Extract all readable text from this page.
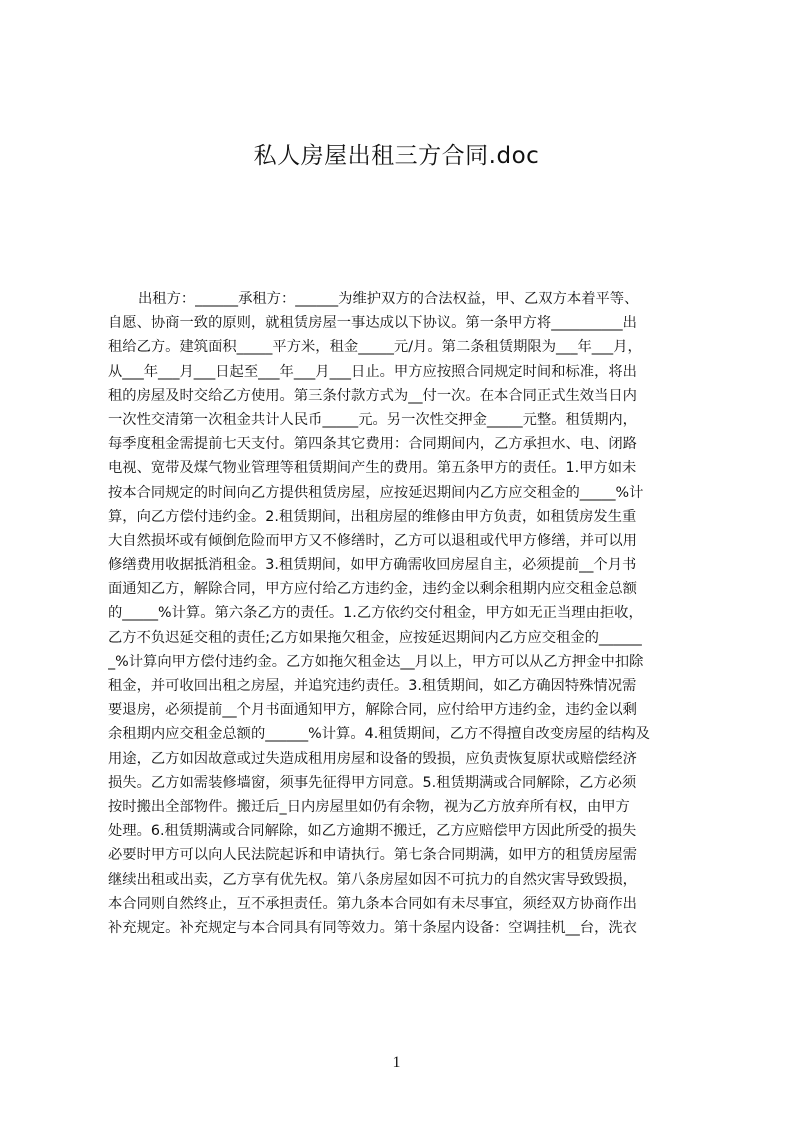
私人房屋出租三方合同.doc
出租方：______承租方：______为维护双方的合法权益，甲、乙双方本着平等、
自愿、协商一致的原则，就租赁房屋一事达成以下协议。第一条甲方将__________出
租给乙方。建筑面积_____平方米，租金_____元/月。第二条租赁期限为___年___月，
从___年___月___日起至___年___月___日止。甲方应按照合同规定时间和标准，将出
租的房屋及时交给乙方使用。第三条付款方式为__付一次。在本合同正式生效当日内
一次性交清第一次租金共计人民币_____元。另一次性交押金_____元整。租赁期内，
每季度租金需提前七天支付。第四条其它费用：合同期间内，乙方承担水、电、闭路
电视、宽带及煤气物业管理等租赁期间产生的费用。第五条甲方的责任。1.甲方如未
按本合同规定的时间向乙方提供租赁房屋，应按延迟期间内乙方应交租金的_____%计
算，向乙方偿付违约金。2.租赁期间，出租房屋的维修由甲方负责，如租赁房发生重
大自然损坏或有倾倒危险而甲方又不修缮时，乙方可以退租或代甲方修缮，并可以用
修缮费用收据抵消租金。3.租赁期间，如甲方确需收回房屋自主，必须提前__个月书
面通知乙方，解除合同，甲方应付给乙方违约金，违约金以剩余租期内应交租金总额
的_____%计算。第六条乙方的责任。1.乙方依约交付租金，甲方如无正当理由拒收，
乙方不负迟延交租的责任;乙方如果拖欠租金，应按延迟期间内乙方应交租金的______
_%计算向甲方偿付违约金。乙方如拖欠租金达__月以上，甲方可以从乙方押金中扣除
租金，并可收回出租之房屋，并追究违约责任。3.租赁期间，如乙方确因特殊情况需
要退房，必须提前__个月书面通知甲方，解除合同，应付给甲方违约金，违约金以剩
余租期内应交租金总额的______%计算。4.租赁期间，乙方不得擅自改变房屋的结构及
用途，乙方如因故意或过失造成租用房屋和设备的毁损，应负责恢复原状或赔偿经济
损失。乙方如需装修墙窗，须事先征得甲方同意。5.租赁期满或合同解除，乙方必须
按时搬出全部物件。搬迁后_日内房屋里如仍有余物，视为乙方放弃所有权，由甲方
处理。6.租赁期满或合同解除，如乙方逾期不搬迁，乙方应赔偿甲方因此所受的损失
必要时甲方可以向人民法院起诉和申请执行。第七条合同期满，如甲方的租赁房屋需
继续出租或出卖，乙方享有优先权。第八条房屋如因不可抗力的自然灾害导致毁损，
本合同则自然终止，互不承担责任。第九条本合同如有未尽事宜，须经双方协商作出
补充规定。补充规定与本合同具有同等效力。第十条屋内设备：空调挂机__台，洗衣
1
